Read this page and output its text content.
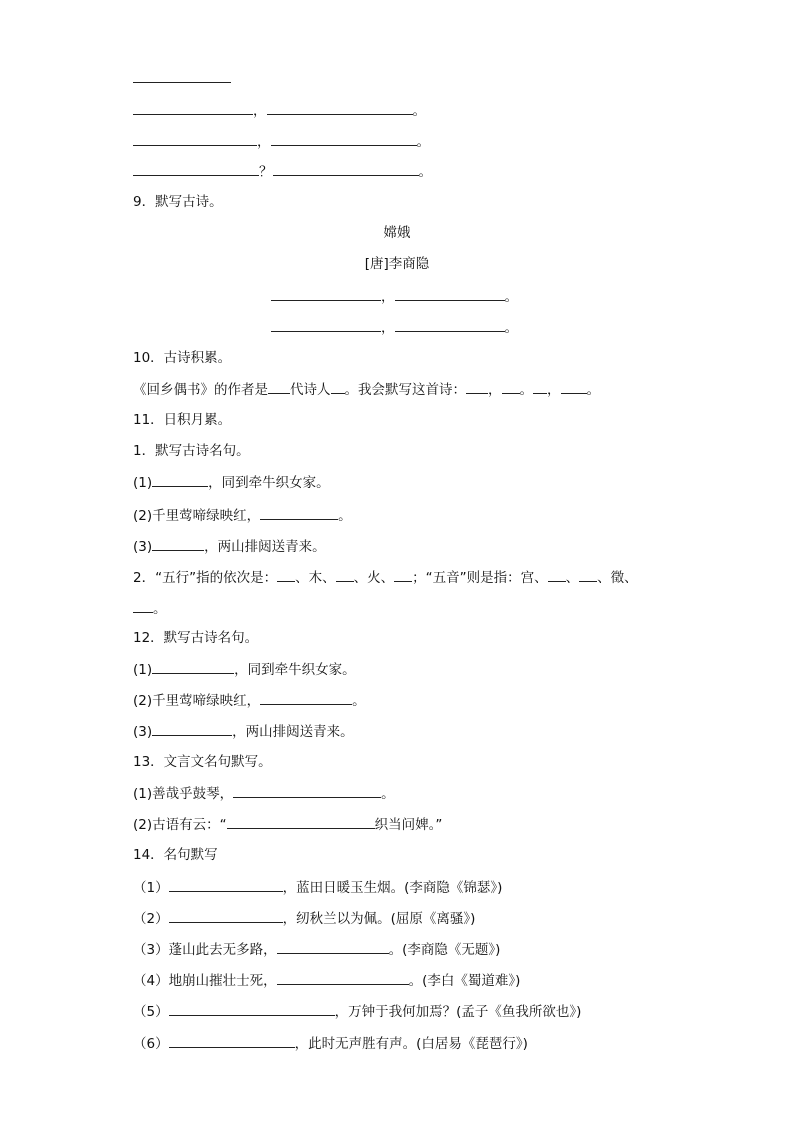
，	。
，	。
？	。
9．默写古诗。
嫦娥
[唐]李商隐
，	。
，	。
10．古诗积累。
《回乡偶书》的作者是 代诗人 。我会默写这首诗： ， 。 ， 。
11．日积月累。
1．默写古诗名句。
(1)	，同到牵牛织女家。
(2)千里莺啼绿映红，	。
(3)	，两山排闼送青来。
2．“五行”指的依次是： 、木、 、火、 ；“五音”则是指：宫、 、 、徵、
。
12．默写古诗名句。
(1)	，同到牵牛织女家。
(2)千里莺啼绿映红，	。
(3)	，两山排闼送青来。
13．文言文名句默写。
(1)善哉乎鼓琴，	。
(2)古语有云：“	织当问婢。”
14．名句默写
（1）	，蓝田日暖玉生烟。(李商隐《锦瑟》)
（2）	，纫秋兰以为佩。(屈原《离骚》)
（3）蓬山此去无多路，	。(李商隐《无题》)
（4）地崩山摧壮士死，	。(李白《蜀道难》)
（5）	，万钟于我何加焉？(孟子《鱼我所欲也》)
（6）	，此时无声胜有声。(白居易《琵琶行》)
